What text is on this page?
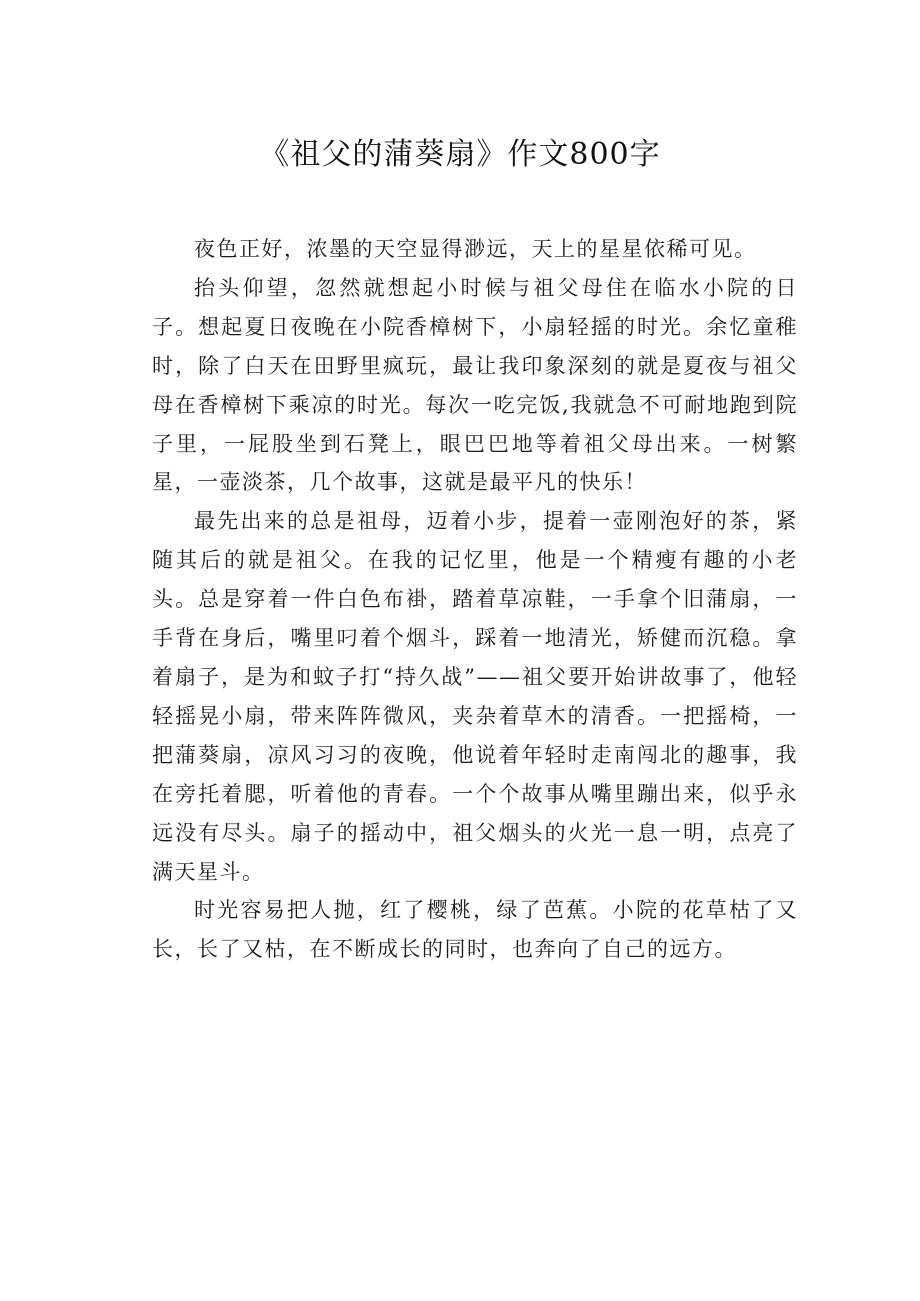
《祖父的蒲葵扇》作文800字

夜色正好，浓墨的天空显得渺远，天上的星星依稀可见。

抬头仰望，忽然就想起小时候与祖父母住在临水小院的日子。想起夏日夜晚在小院香樟树下，小扇轻摇的时光。余忆童稚时，除了白天在田野里疯玩，最让我印象深刻的就是夏夜与祖父母在香樟树下乘凉的时光。每次一吃完饭,我就急不可耐地跑到院子里，一屁股坐到石凳上，眼巴巴地等着祖父母出来。一树繁星，一壶淡茶，几个故事，这就是最平凡的快乐！

最先出来的总是祖母，迈着小步，提着一壶刚泡好的茶，紧随其后的就是祖父。在我的记忆里，他是一个精瘦有趣的小老头。总是穿着一件白色布褂，踏着草凉鞋，一手拿个旧蒲扇，一手背在身后，嘴里叼着个烟斗，踩着一地清光，矫健而沉稳。拿着扇子，是为和蚊子打“持久战”——祖父要开始讲故事了，他轻轻摇晃小扇，带来阵阵微风，夹杂着草木的清香。一把摇椅，一把蒲葵扇，凉风习习的夜晚，他说着年轻时走南闯北的趣事，我在旁托着腮，听着他的青春。一个个故事从嘴里蹦出来，似乎永远没有尽头。扇子的摇动中，祖父烟头的火光一息一明，点亮了满天星斗。

时光容易把人抛，红了樱桃，绿了芭蕉。小院的花草枯了又长，长了又枯，在不断成长的同时，也奔向了自己的远方。
